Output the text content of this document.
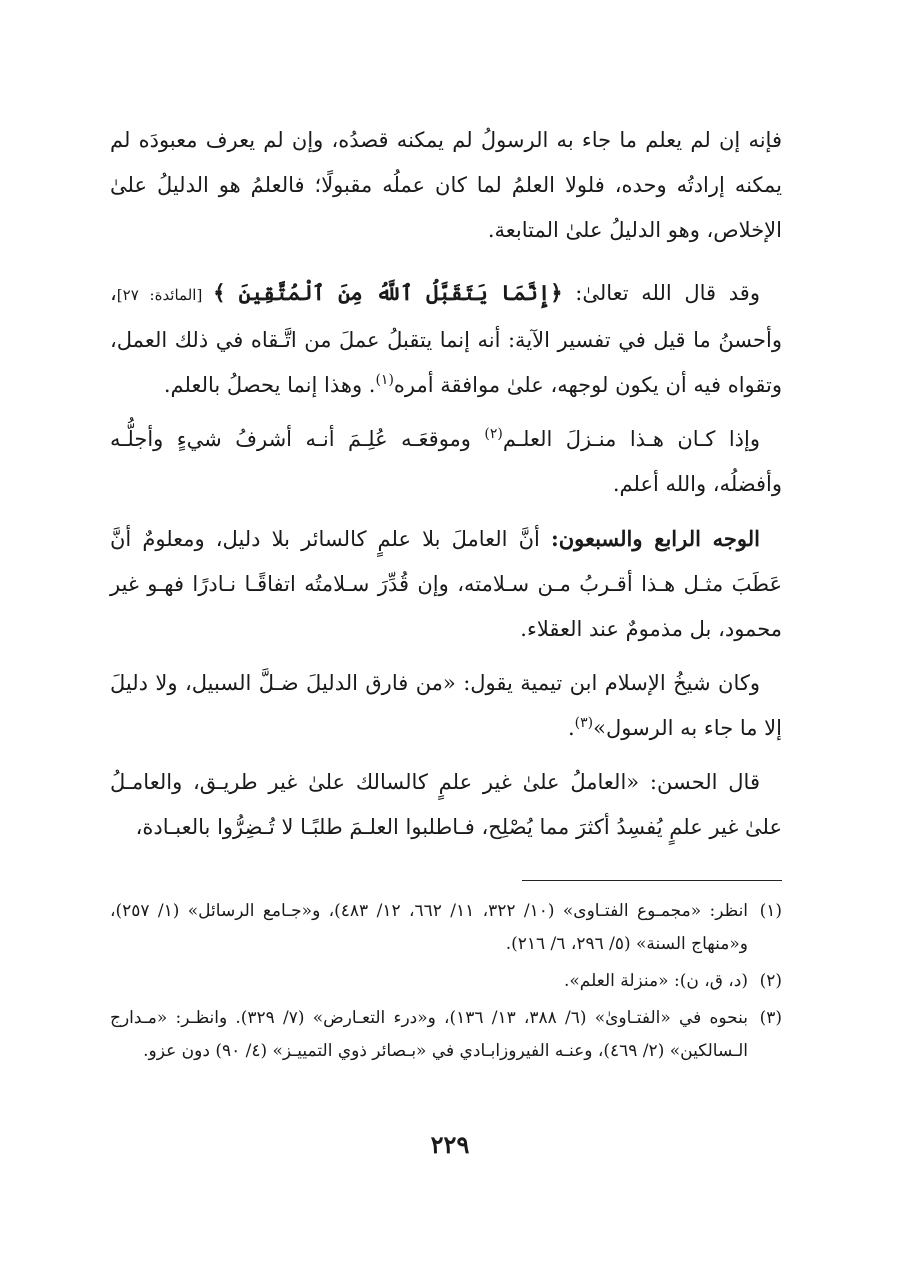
فإنه إن لم يعلم ما جاء به الرسولُ لم يمكنه قصدُه، وإن لم يعرف معبودَه لم يمكنه إرادتُه وحده، فلولا العلمُ لما كان عملُه مقبولًا؛ فالعلمُ هو الدليلُ علىٰ الإخلاص، وهو الدليلُ علىٰ المتابعة.

وقد قال الله تعالىٰ: ﴿إِنَّمَا يَتَقَبَّلُ ٱللَّهُ مِنَ ٱلْمُتَّقِينَ ﴾ [المائدة: ٢٧]، وأحسنُ ما قيل في تفسير الآية: أنه إنما يتقبلُ عملَ من اتَّـقاه في ذلك العمل، وتقواه فيه أن يكون لوجهه، علىٰ موافقة أمره$^{(١)}$. وهذا إنما يحصلُ بالعلم.

وإذا كـان هـذا منـزلَ العلـم$^{(٢)}$ وموقعَـه عُلِـمَ أنـه أشرفُ شيءٍ وأجلُّـه وأفضلُه، والله أعلم.

الوجه الرابع والسبعون: أنَّ العاملَ بلا علمٍ كالسائر بلا دليل، ومعلومٌ أنَّ عَطَبَ مثـل هـذا أقـربُ مـن سـلامته، وإن قُدِّرَ سـلامتُه اتفاقًـا نـادرًا فهـو غير محمود، بل مذمومٌ عند العقلاء.

وكان شيخُ الإسلام ابن تيمية يقول: «من فارق الدليلَ ضـلَّ السبيل، ولا دليلَ إلا ما جاء به الرسول»$^{(٣)}$.

قال الحسن: «العاملُ علىٰ غير علمٍ كالسالك علىٰ غير طريـق، والعامـلُ علىٰ غير علمٍ يُفسِدُ أكثرَ مما يُصْلِح، فـاطلبوا العلـمَ طلبًـا لا تُـضِرُّوا بالعبـادة،

(١)
انظر: «مجمـوع الفتـاوى» (١٠/ ٣٢٢، ١١/ ٦٦٢، ١٢/ ٤٨٣)، و«جـامع الرسائل» (١/ ٢٥٧)، و«منهاج السنة» (٥/ ٢٩٦، ٦/ ٢١٦).
(٢)
(د، ق، ن): «منزلة العلم».
(٣)
بنحوه في «الفتـاوىٰ» (٦/ ٣٨٨، ١٣/ ١٣٦)، و«درء التعـارض» (٧/ ٣٢٩). وانظـر: «مـدارج الـسالكين» (٢/ ٤٦٩)، وعنـه الفيروزابـادي في «بـصائر ذوي التمييـز» (٤/ ٩٠) دون عزو.
٢٢٩
